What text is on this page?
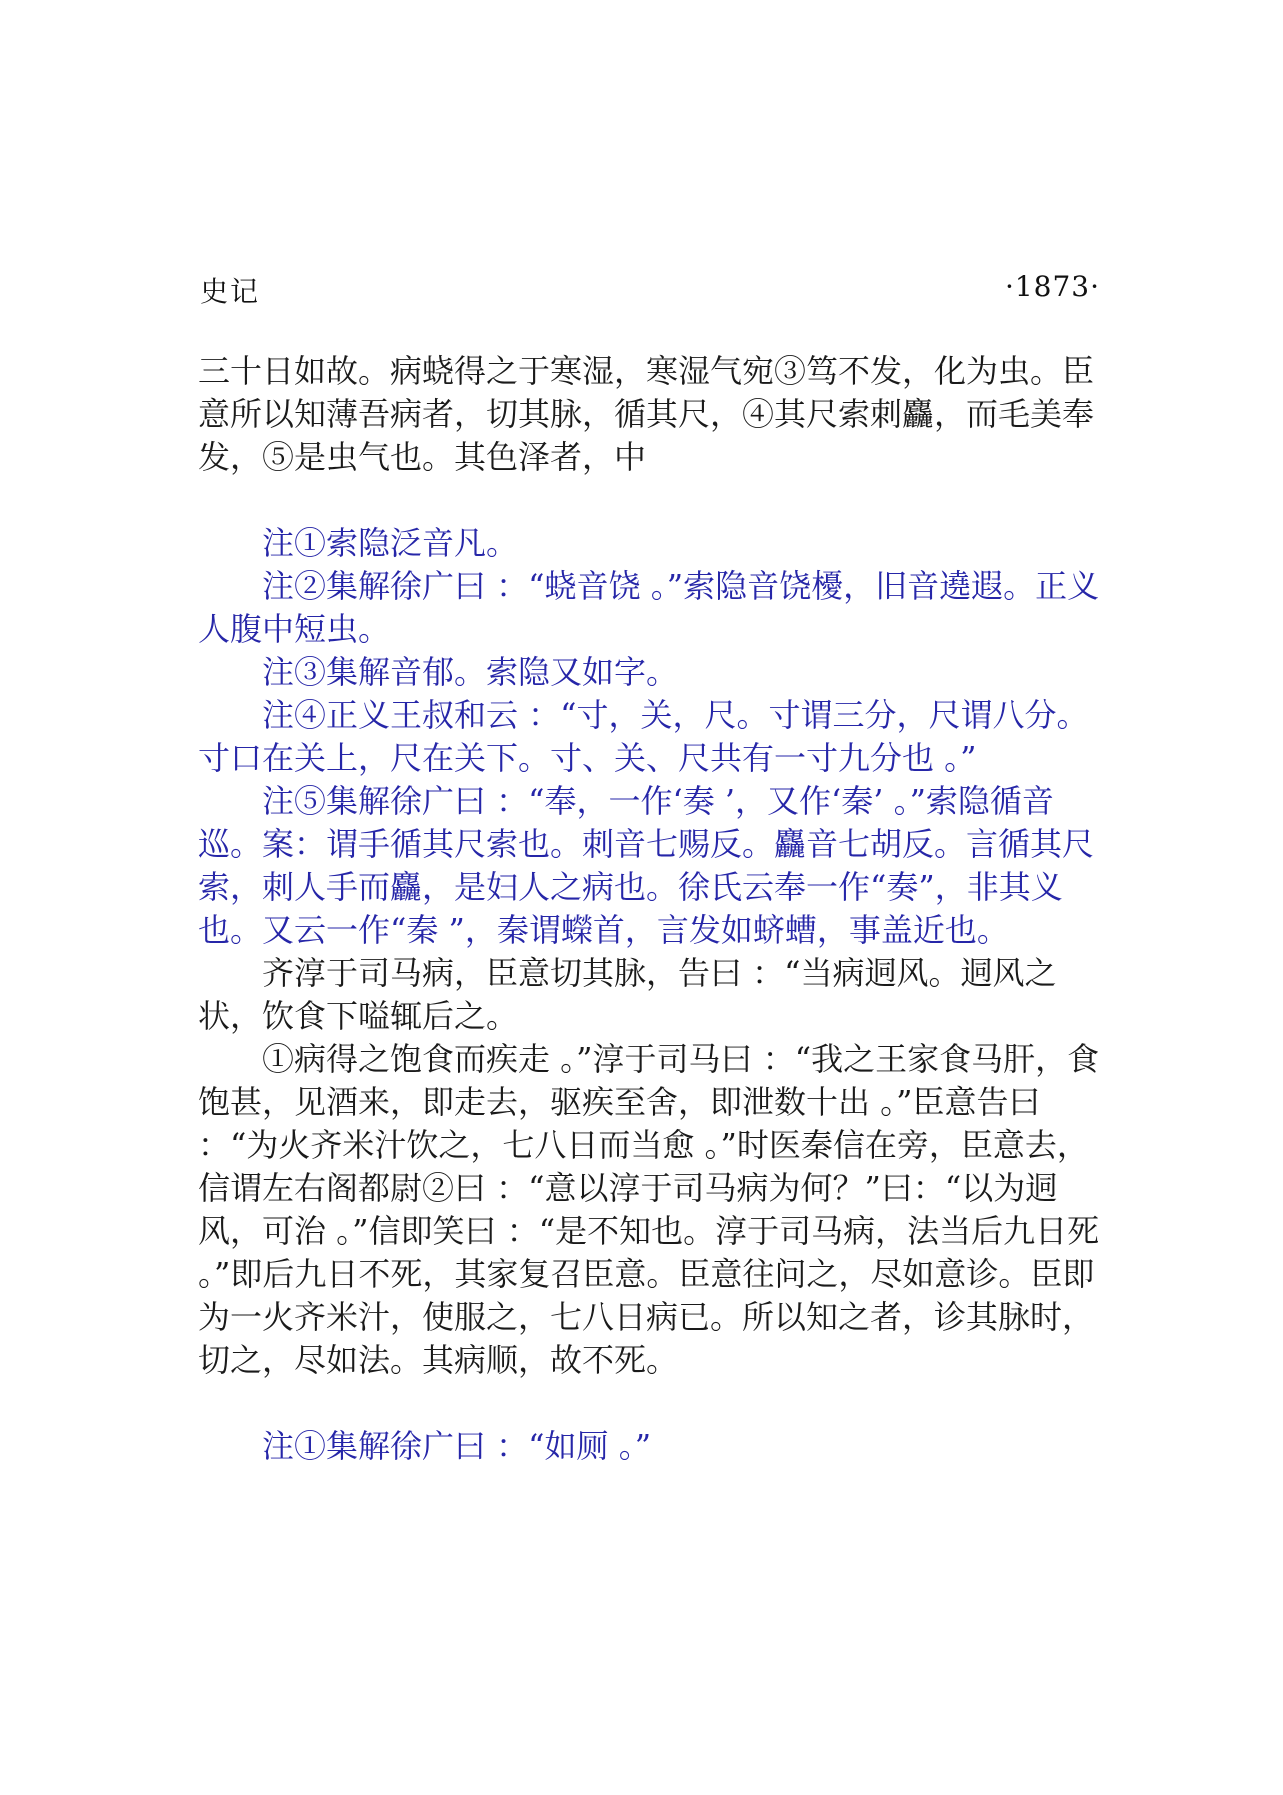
史记	·1873·

三十日如故。病蛲得之于寒湿，寒湿气宛③笃不发，化为虫。臣意所以知薄吾病者，切其脉，循其尺，④其尺索刺麤，而毛美奉发，⑤是虫气也。其色泽者，中

注①索隐泛音凡。

注②集解徐广曰 ：“蛲音饶 。”索隐音饶櫌，旧音遶遐。正义人腹中短虫。

注③集解音郁。索隐又如字。

注④正义王叔和云 ：“寸，关，尺。寸谓三分，尺谓八分。寸口在关上，尺在关下。寸、关、尺共有一寸九分也 。”

注⑤集解徐广曰 ：“奉，一作‘奏 ’，又作‘秦’ 。”索隐循音巡。案：谓手循其尺索也。刺音七赐反。麤音七胡反。言循其尺索，刺人手而麤，是妇人之病也。徐氏云奉一作“奏”，非其义也。又云一作“秦 ”，秦谓蠑首，言发如蛴螬，事盖近也。

齐淳于司马病，臣意切其脉，告曰 ：“当病迵风。迵风之状，饮食下嗌辄后之。

①病得之饱食而疾走 。”淳于司马曰 ：“我之王家食马肝，食饱甚，见酒来，即走去，驱疾至舍，即泄数十出 。”臣意告曰 ：“为火齐米汁饮之，七八日而当愈 。”时医秦信在旁，臣意去，信谓左右阁都尉②曰 ：“意以淳于司马病为何？”曰：“以为迵风，可治 。”信即笑曰 ：“是不知也。淳于司马病，法当后九日死 。”即后九日不死，其家复召臣意。臣意往问之，尽如意诊。臣即为一火齐米汁，使服之，七八日病已。所以知之者，诊其脉时，切之，尽如法。其病顺，故不死。

注①集解徐广曰 ：“如厕 。”
